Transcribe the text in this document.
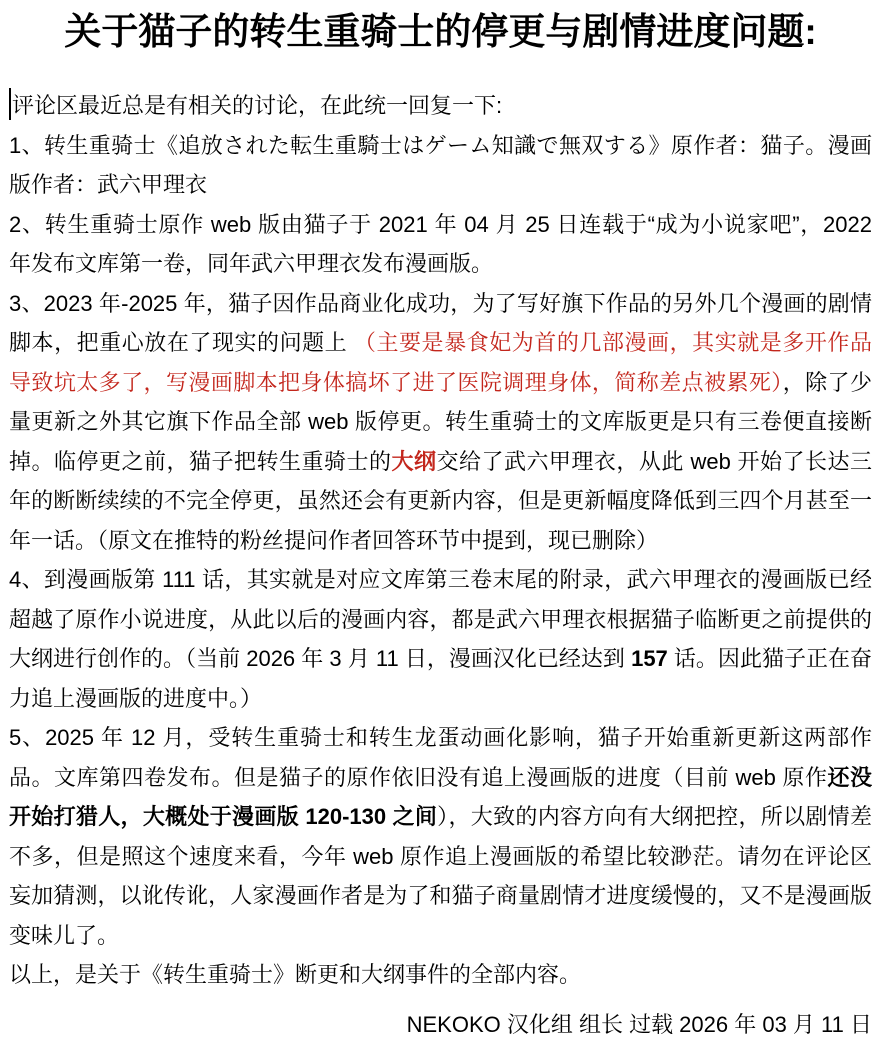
关于猫子的转生重骑士的停更与剧情进度问题:
评论区最近总是有相关的讨论，在此统一回复一下:

1、转生重骑士《追放された転生重騎士はゲーム知識で無双する》原作者：猫子。漫画版作者：武六甲理衣

2、转生重骑士原作 web 版由猫子于 2021 年 04 月 25 日连载于“成为小说家吧”，2022 年发布文库第一卷，同年武六甲理衣发布漫画版。

3、2023 年-2025 年，猫子因作品商业化成功，为了写好旗下作品的另外几个漫画的剧情脚本，把重心放在了现实的问题上 （主要是暴食妃为首的几部漫画，其实就是多开作品导致坑太多了，写漫画脚本把身体搞坏了进了医院调理身体，简称差点被累死），除了少量更新之外其它旗下作品全部 web 版停更。转生重骑士的文库版更是只有三卷便直接断掉。临停更之前，猫子把转生重骑士的大纲交给了武六甲理衣，从此 web 开始了长达三年的断断续续的不完全停更，虽然还会有更新内容，但是更新幅度降低到三四个月甚至一年一话。（原文在推特的粉丝提问作者回答环节中提到，现已删除）

4、到漫画版第 111 话，其实就是对应文库第三卷末尾的附录，武六甲理衣的漫画版已经超越了原作小说进度，从此以后的漫画内容，都是武六甲理衣根据猫子临断更之前提供的大纲进行创作的。（当前 2026 年 3 月 11 日，漫画汉化已经达到 157 话。因此猫子正在奋力追上漫画版的进度中。）

5、2025 年 12 月，受转生重骑士和转生龙蛋动画化影响，猫子开始重新更新这两部作品。文库第四卷发布。但是猫子的原作依旧没有追上漫画版的进度（目前 web 原作还没开始打猎人，大概处于漫画版 120-130 之间），大致的内容方向有大纲把控，所以剧情差不多，但是照这个速度来看，今年 web 原作追上漫画版的希望比较渺茫。请勿在评论区妄加猜测，以讹传讹，人家漫画作者是为了和猫子商量剧情才进度缓慢的，又不是漫画版变味儿了。

以上，是关于《转生重骑士》断更和大纲事件的全部内容。

NEKOKO 汉化组 组长 过载 2026 年 03 月 11 日
